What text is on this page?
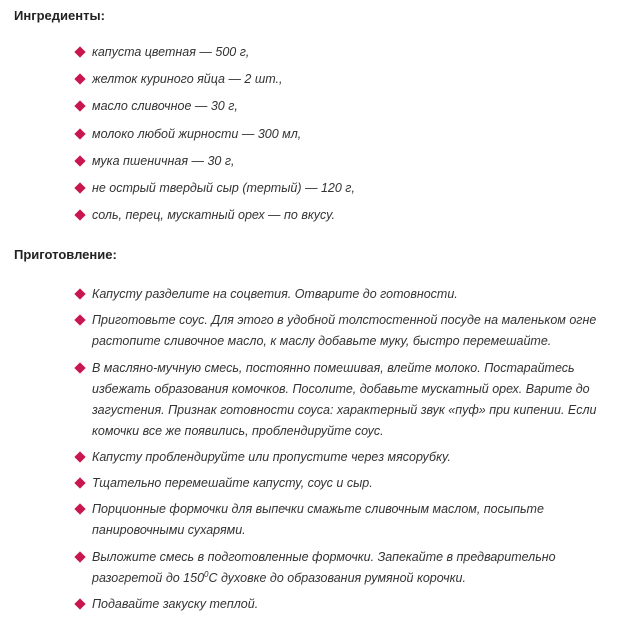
Ингредиенты:
капуста цветная — 500 г,
желток куриного яйца — 2 шт.,
масло сливочное — 30 г,
молоко любой жирности — 300 мл,
мука пшеничная — 30 г,
не острый твердый сыр (тертый) — 120 г,
соль, перец, мускатный орех — по вкусу.
Приготовление:
Капусту разделите на соцветия. Отварите до готовности.
Приготовьте соус. Для этого в удобной толстостенной посуде на маленьком огне растопите сливочное масло, к маслу добавьте муку, быстро перемешайте.
В масляно-мучную смесь, постоянно помешивая, влейте молоко. Постарайтесь избежать образования комочков. Посолите, добавьте мускатный орех. Варите до загустения. Признак готовности соуса: характерный звук «пуф» при кипении. Если комочки все же появились, проблендируйте соус.
Капусту проблендируйте или пропустите через мясорубку.
Тщательно перемешайте капусту, соус и сыр.
Порционные формочки для выпечки смажьте сливочным маслом, посыпьте панировочными сухарями.
Выложите смесь в подготовленные формочки. Запекайте в предварительно разогретой до $150^0С$ духовке до образования румяной корочки.
Подавайте закуску теплой.
